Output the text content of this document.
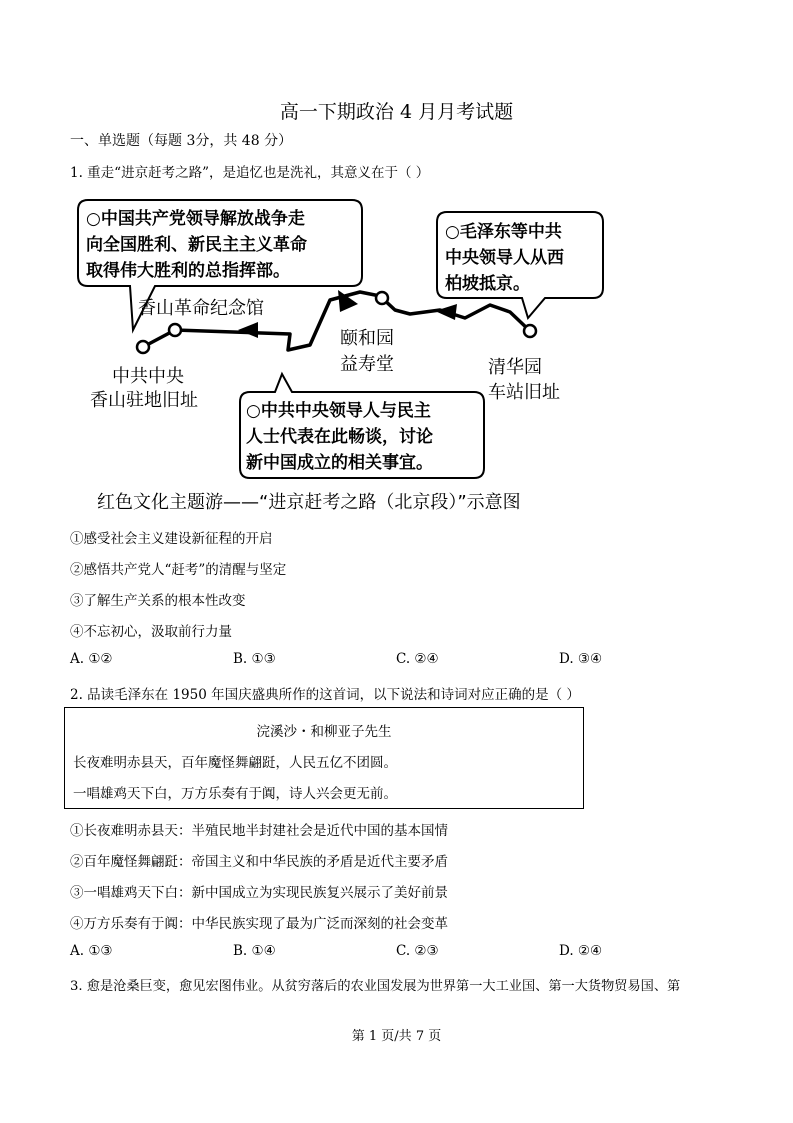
高一下期政治 4 月月考试题
一、单选题（每题 3分，共 48 分）
1. 重走“进京赶考之路”，是追忆也是洗礼，其意义在于（ ）
○中国共产党领导解放战争走
向全国胜利、新民主主义革命
取得伟大胜利的总指挥部。
○毛泽东等中共
中央领导人从西
柏坡抵京。
○中共中央领导人与民主
人士代表在此畅谈，讨论
新中国成立的相关事宜。
香山革命纪念馆
中共中央
香山驻地旧址
颐和园
益寿堂	清华园
车站旧址
红色文化主题游——“进京赶考之路（北京段）”示意图
①感受社会主义建设新征程的开启
②感悟共产党人“赶考”的清醒与坚定
③了解生产关系的根本性改变
④不忘初心，汲取前行力量
A. ①②	B. ①③	C. ②④	D. ③④
2. 品读毛泽东在 1950 年国庆盛典所作的这首词，以下说法和诗词对应正确的是（ ）
浣溪沙・和柳亚子先生
长夜难明赤县天，百年魔怪舞翩跹，人民五亿不团圆。
一唱雄鸡天下白，万方乐奏有于阗，诗人兴会更无前。
①长夜难明赤县天：半殖民地半封建社会是近代中国的基本国情
②百年魔怪舞翩跹：帝国主义和中华民族的矛盾是近代主要矛盾
③一唱雄鸡天下白：新中国成立为实现民族复兴展示了美好前景
④万方乐奏有于阗：中华民族实现了最为广泛而深刻的社会变革
A. ①③	B. ①④	C. ②③	D. ②④
3. 愈是沧桑巨变，愈见宏图伟业。从贫穷落后的农业国发展为世界第一大工业国、第一大货物贸易国、第
第 1 页/共 7 页
